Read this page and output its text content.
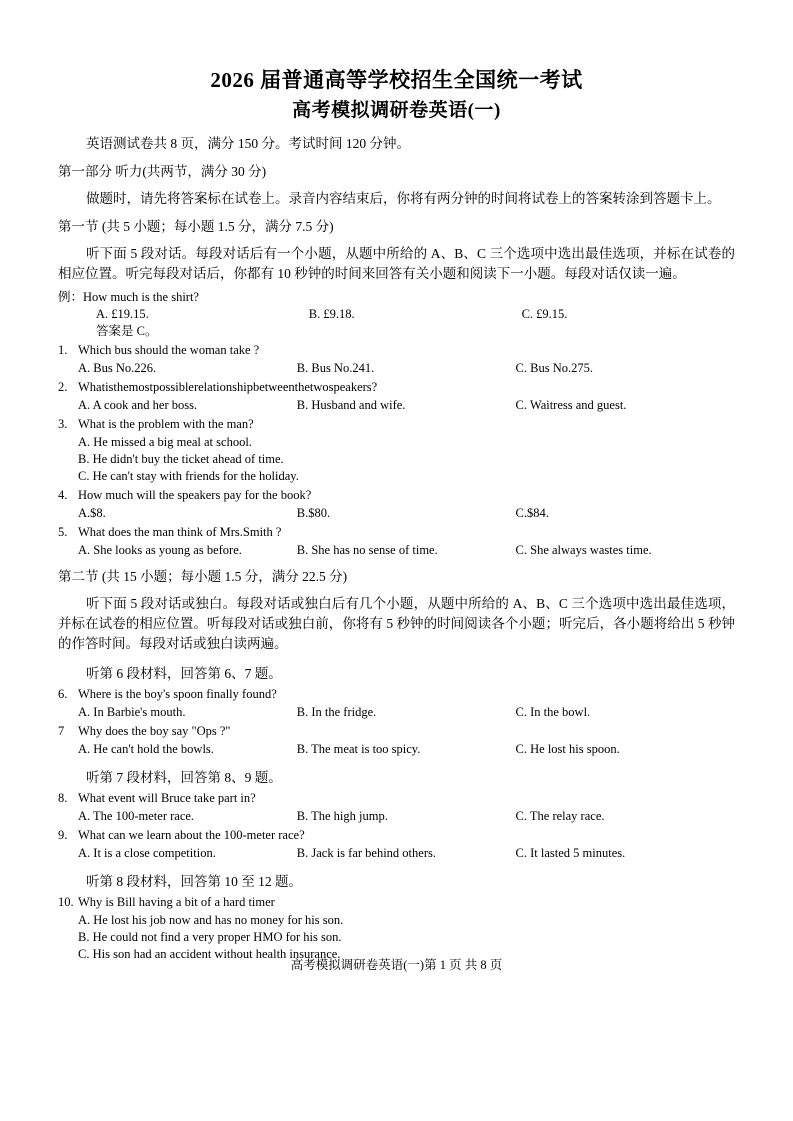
2026 届普通高等学校招生全国统一考试
高考模拟调研卷英语(一)
英语测试卷共 8 页，满分 150 分。考试时间 120 分钟。
第一部分 听力(共两节，满分 30 分)
做题时，请先将答案标在试卷上。录音内容结束后，你将有两分钟的时间将试卷上的答案转涂到答题卡上。
第一节 (共 5 小题；每小题 1.5 分，满分 7.5 分)
听下面 5 段对话。每段对话后有一个小题，从题中所给的 A、B、C 三个选项中选出最佳选项，并标在试卷的相应位置。听完每段对话后，你都有 10 秒钟的时间来回答有关小题和阅读下一小题。每段对话仅读一遍。
例：How much is the shirt?
A. £19.15.	B. £9.18.	C. £9.15.
答案是 C。
1. Which bus should the woman take ?
A. Bus No.226.	B. Bus No.241.	C. Bus No.275.
2. Whatisthemostpossiblerelationshipbetweenthetwospeakers?
A. A cook and her boss.	B. Husband and wife.	C. Waitress and guest.
3. What is the problem with the man?
A. He missed a big meal at school.
B. He didn't buy the ticket ahead of time.
C. He can't stay with friends for the holiday.
4. How much will the speakers pay for the book?
A.$8.	B.$80.	C.$84.
5. What does the man think of Mrs.Smith ?
A. She looks as young as before.	B. She has no sense of time.	C. She always wastes time.
第二节 (共 15 小题；每小题 1.5 分，满分 22.5 分)
听下面 5 段对话或独白。每段对话或独白后有几个小题，从题中所给的 A、B、C 三个选项中选出最佳选项，并标在试卷的相应位置。听每段对话或独白前，你将有 5 秒钟的时间阅读各个小题；听完后，各小题将给出 5 秒钟的作答时间。每段对话或独白读两遍。
听第 6 段材料，回答第 6、7 题。
6. Where is the boy's spoon finally found?
A. In Barbie's mouth.	B. In the fridge.	C. In the bowl.
7	Why does the boy say "Ops ?"
A. He can't hold the bowls.	B. The meat is too spicy.	C. He lost his spoon.
听第 7 段材料，回答第 8、9 题。
8. What event will Bruce take part in?
A. The 100-meter race.	B. The high jump.	C. The relay race.
9. What can we learn about the 100-meter race?
A. It is a close competition.	B. Jack is far behind others.	C. It lasted 5 minutes.
听第 8 段材料，回答第 10 至 12 题。
10. Why is Bill having a bit of a hard timer
A. He lost his job now and has no money for his son.
B. He could not find a very proper HMO for his son.
C. His son had an accident without health insurance.
高考模拟调研卷英语(一)第 1 页 共 8 页
